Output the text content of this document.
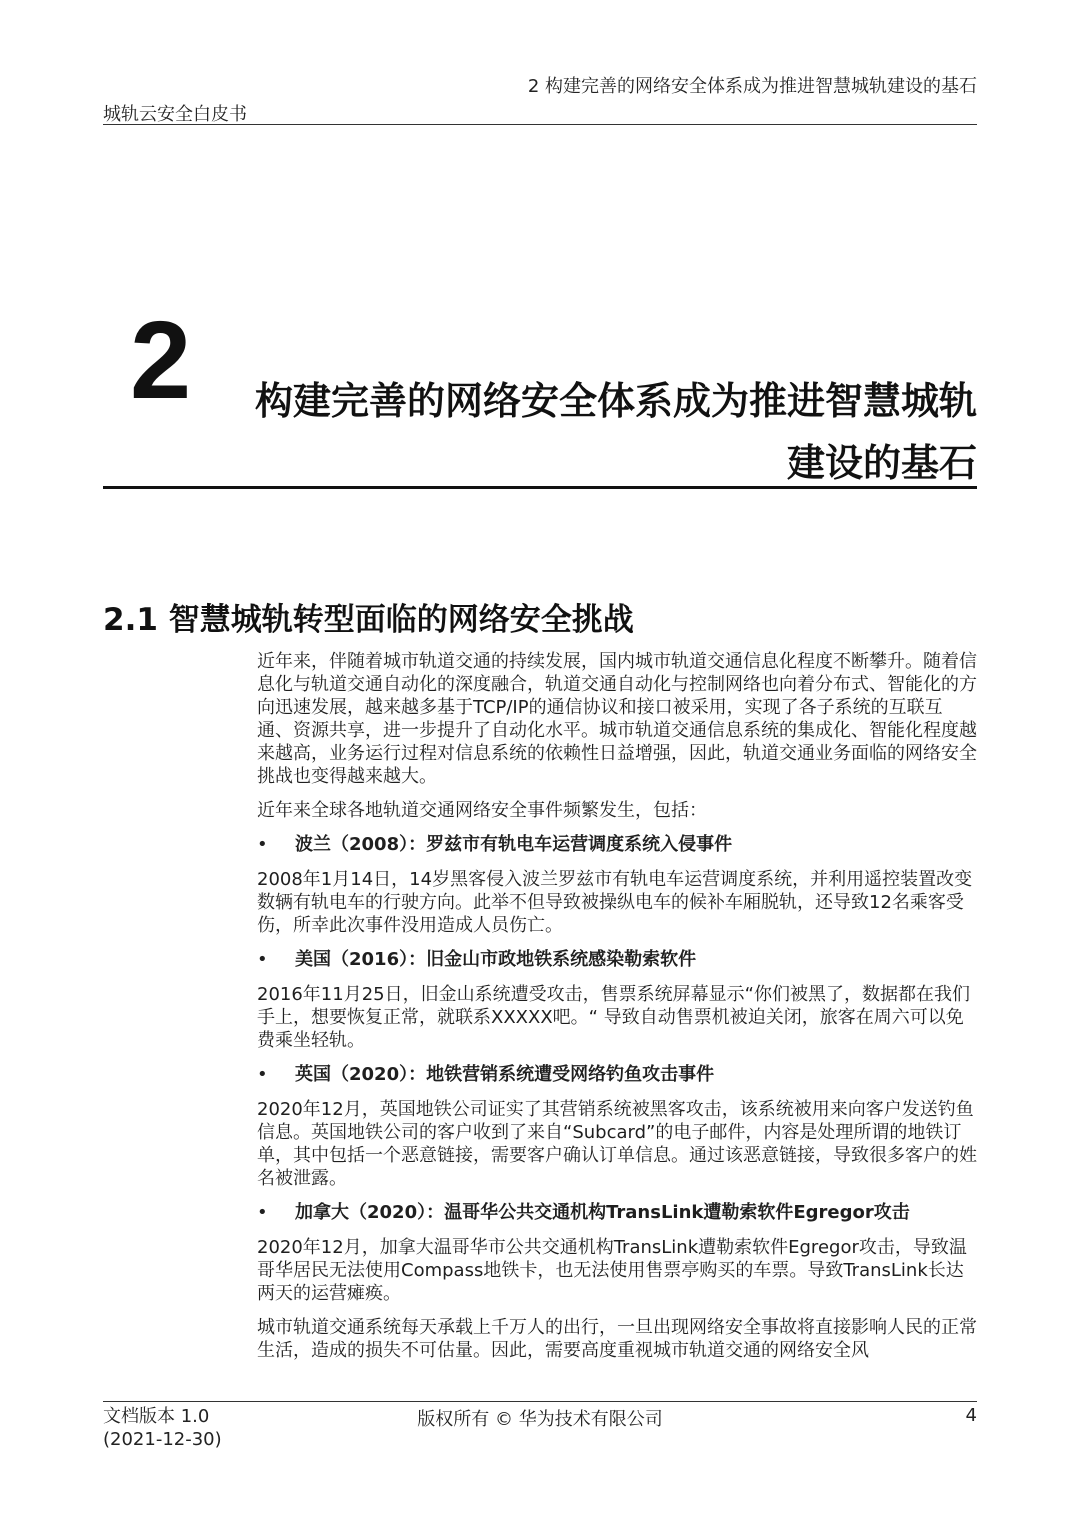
城轨云安全白皮书
2 构建完善的网络安全体系成为推进智慧城轨建设的基石
2	构建完善的网络安全体系成为推进智慧城轨
建设的基石
2.1 智慧城轨转型面临的网络安全挑战

近年来，伴随着城市轨道交通的持续发展，国内城市轨道交通信息化程度不断攀升。随着信息化与轨道交通自动化的深度融合，轨道交通自动化与控制网络也向着分布式、智能化的方向迅速发展，越来越多基于TCP/IP的通信协议和接口被采用，实现了各子系统的互联互通、资源共享，进一步提升了自动化水平。城市轨道交通信息系统的集成化、智能化程度越来越高，业务运行过程对信息系统的依赖性日益增强，因此，轨道交通业务面临的网络安全挑战也变得越来越大。

近年来全球各地轨道交通网络安全事件频繁发生，包括：

•	波兰（2008）：罗兹市有轨电车运营调度系统入侵事件

2008年1月14日，14岁黑客侵入波兰罗兹市有轨电车运营调度系统，并利用遥控装置改变数辆有轨电车的行驶方向。此举不但导致被操纵电车的候补车厢脱轨，还导致12名乘客受伤，所幸此次事件没用造成人员伤亡。

•	美国（2016）：旧金山市政地铁系统感染勒索软件

2016年11月25日，旧金山系统遭受攻击，售票系统屏幕显示“你们被黑了，数据都在我们手上，想要恢复正常，就联系XXXXX吧。“ 导致自动售票机被迫关闭，旅客在周六可以免费乘坐轻轨。

•	英国（2020）：地铁营销系统遭受网络钓鱼攻击事件

2020年12月，英国地铁公司证实了其营销系统被黑客攻击，该系统被用来向客户发送钓鱼信息。英国地铁公司的客户收到了来自“Subcard”的电子邮件，内容是处理所谓的地铁订单，其中包括一个恶意链接，需要客户确认订单信息。通过该恶意链接，导致很多客户的姓名被泄露。

•	加拿大（2020）：温哥华公共交通机构TransLink遭勒索软件Egregor攻击

2020年12月，加拿大温哥华市公共交通机构TransLink遭勒索软件Egregor攻击，导致温哥华居民无法使用Compass地铁卡，也无法使用售票亭购买的车票。导致TransLink长达两天的运营瘫痪。

城市轨道交通系统每天承载上千万人的出行，一旦出现网络安全事故将直接影响人民的正常生活，造成的损失不可估量。因此，需要高度重视城市轨道交通的网络安全风

文档版本 1.0
(2021-12-30)
版权所有 © 华为技术有限公司	4
